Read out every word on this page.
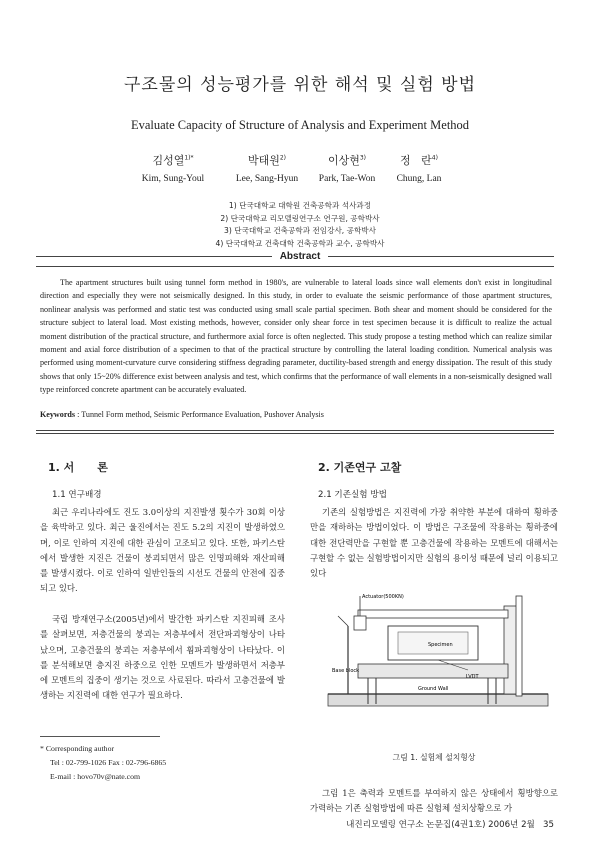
구조물의 성능평가를 위한 해석 및 실험 방법
Evaluate Capacity of Structure of Analysis and Experiment Method
김성열$^{1)*}$
Kim, Sung-Youl
박태원$^{2)}$
Lee, Sang-Hyun
이상현$^{3)}$
Park, Tae-Won
정   란$^{4)}$
Chung, Lan
1) 단국대학교 대학원 건축공학과 석사과정
2) 단국대학교 리모델링연구소 연구원, 공학박사
3) 단국대학교 건축공학과 전임강사, 공학박사
4) 단국대학교 건축대학 건축공학과 교수, 공학박사
Abstract
The apartment structures built using tunnel form method in 1980's, are vulnerable to lateral loads since wall elements don't exist in longitudinal direction and especially they were not seismically designed. In this study, in order to evaluate the seismic performance of those apartment structures, nonlinear analysis was performed and static test was conducted using small scale partial specimen. Both shear and moment should be considered for the structure subject to lateral load. Most existing methods, however, consider only shear force in test specimen because it is difficult to realize the actual moment distribution of the practical structure, and furthermore axial force is often neglected. This study propose a testing method which can realize similar moment and axial force distribution of a specimen to that of the practical structure by controlling the lateral loading condition. Numerical analysis was performed using moment-curvature curve considering stiffness degrading parameter, ductility-based strength and energy dissipation. The result of this study shows that only 15~20% difference exist between analysis and test, which confirms that the performance of wall elements in a non-seismically designed wall type reinforced concrete apartment can be accurately evaluated.
Keywords : Tunnel Form method, Seismic Performance Evaluation, Pushover Analysis
1. 서      론
1.1 연구배경
최근 우리나라에도 진도 3.0이상의 지진발생 횟수가 30회 이상을 육박하고 있다. 최근 울진에서는 진도 5.2의 지진이 발생하였으며, 이로 인하여 지진에 대한 관심이 고조되고 있다. 또한, 파키스탄에서 발생한 지진은 건물이 붕괴되면서 많은 인명피해와 재산피해를 발생시켰다. 이로 인하여 일반인들의 시선도 건물의 안전에 집중되고 있다.
국립 방재연구소(2005년)에서 발간한 파키스탄 지진피해 조사를 살펴보면, 저층건물의 붕괴는 저층부에서 전단파괴형상이 나타났으며, 고층건물의 붕괴는 저층부에서 휨파괴형상이 나타났다. 이를 분석해보면 층지진 하중으로 인한 모멘트가 발생하면서 저층부에 모멘트의 집중이 생기는 것으로 사료된다. 따라서 고층건물에 발생하는 지진력에 대한 연구가 필요하다.
* Corresponding author
Tel : 02-799-1026 Fax : 02-796-6865
E-mail : hovo70v@nate.com
2. 기존연구 고찰
2.1 기존실험 방법
기존의 실험방법은 지진력에 가장 취약한 부분에 대하여 횡하중만을 재하하는 방법이었다. 이 방법은 구조물에 작용하는 횡하중에 대한 전단력만을 구현할 뿐 고층건물에 작용하는 모멘트에 대해서는 구현할 수 없는 실험방법이지만 실험의 용이성 때문에 널리 이용되고 있다
Actuator(500KN)
Specimen
Base block
LVDT
Ground Wall
그림 1. 실험체 설치형상
그림 1은 축력과 모멘트를 부여하지 않은 상태에서 횡방향으로 가력하는 기존 실험방법에 따른 실험체 설치상황으로 가
내진리모델링 연구소 논문집(4권1호) 2006년 2월   35
